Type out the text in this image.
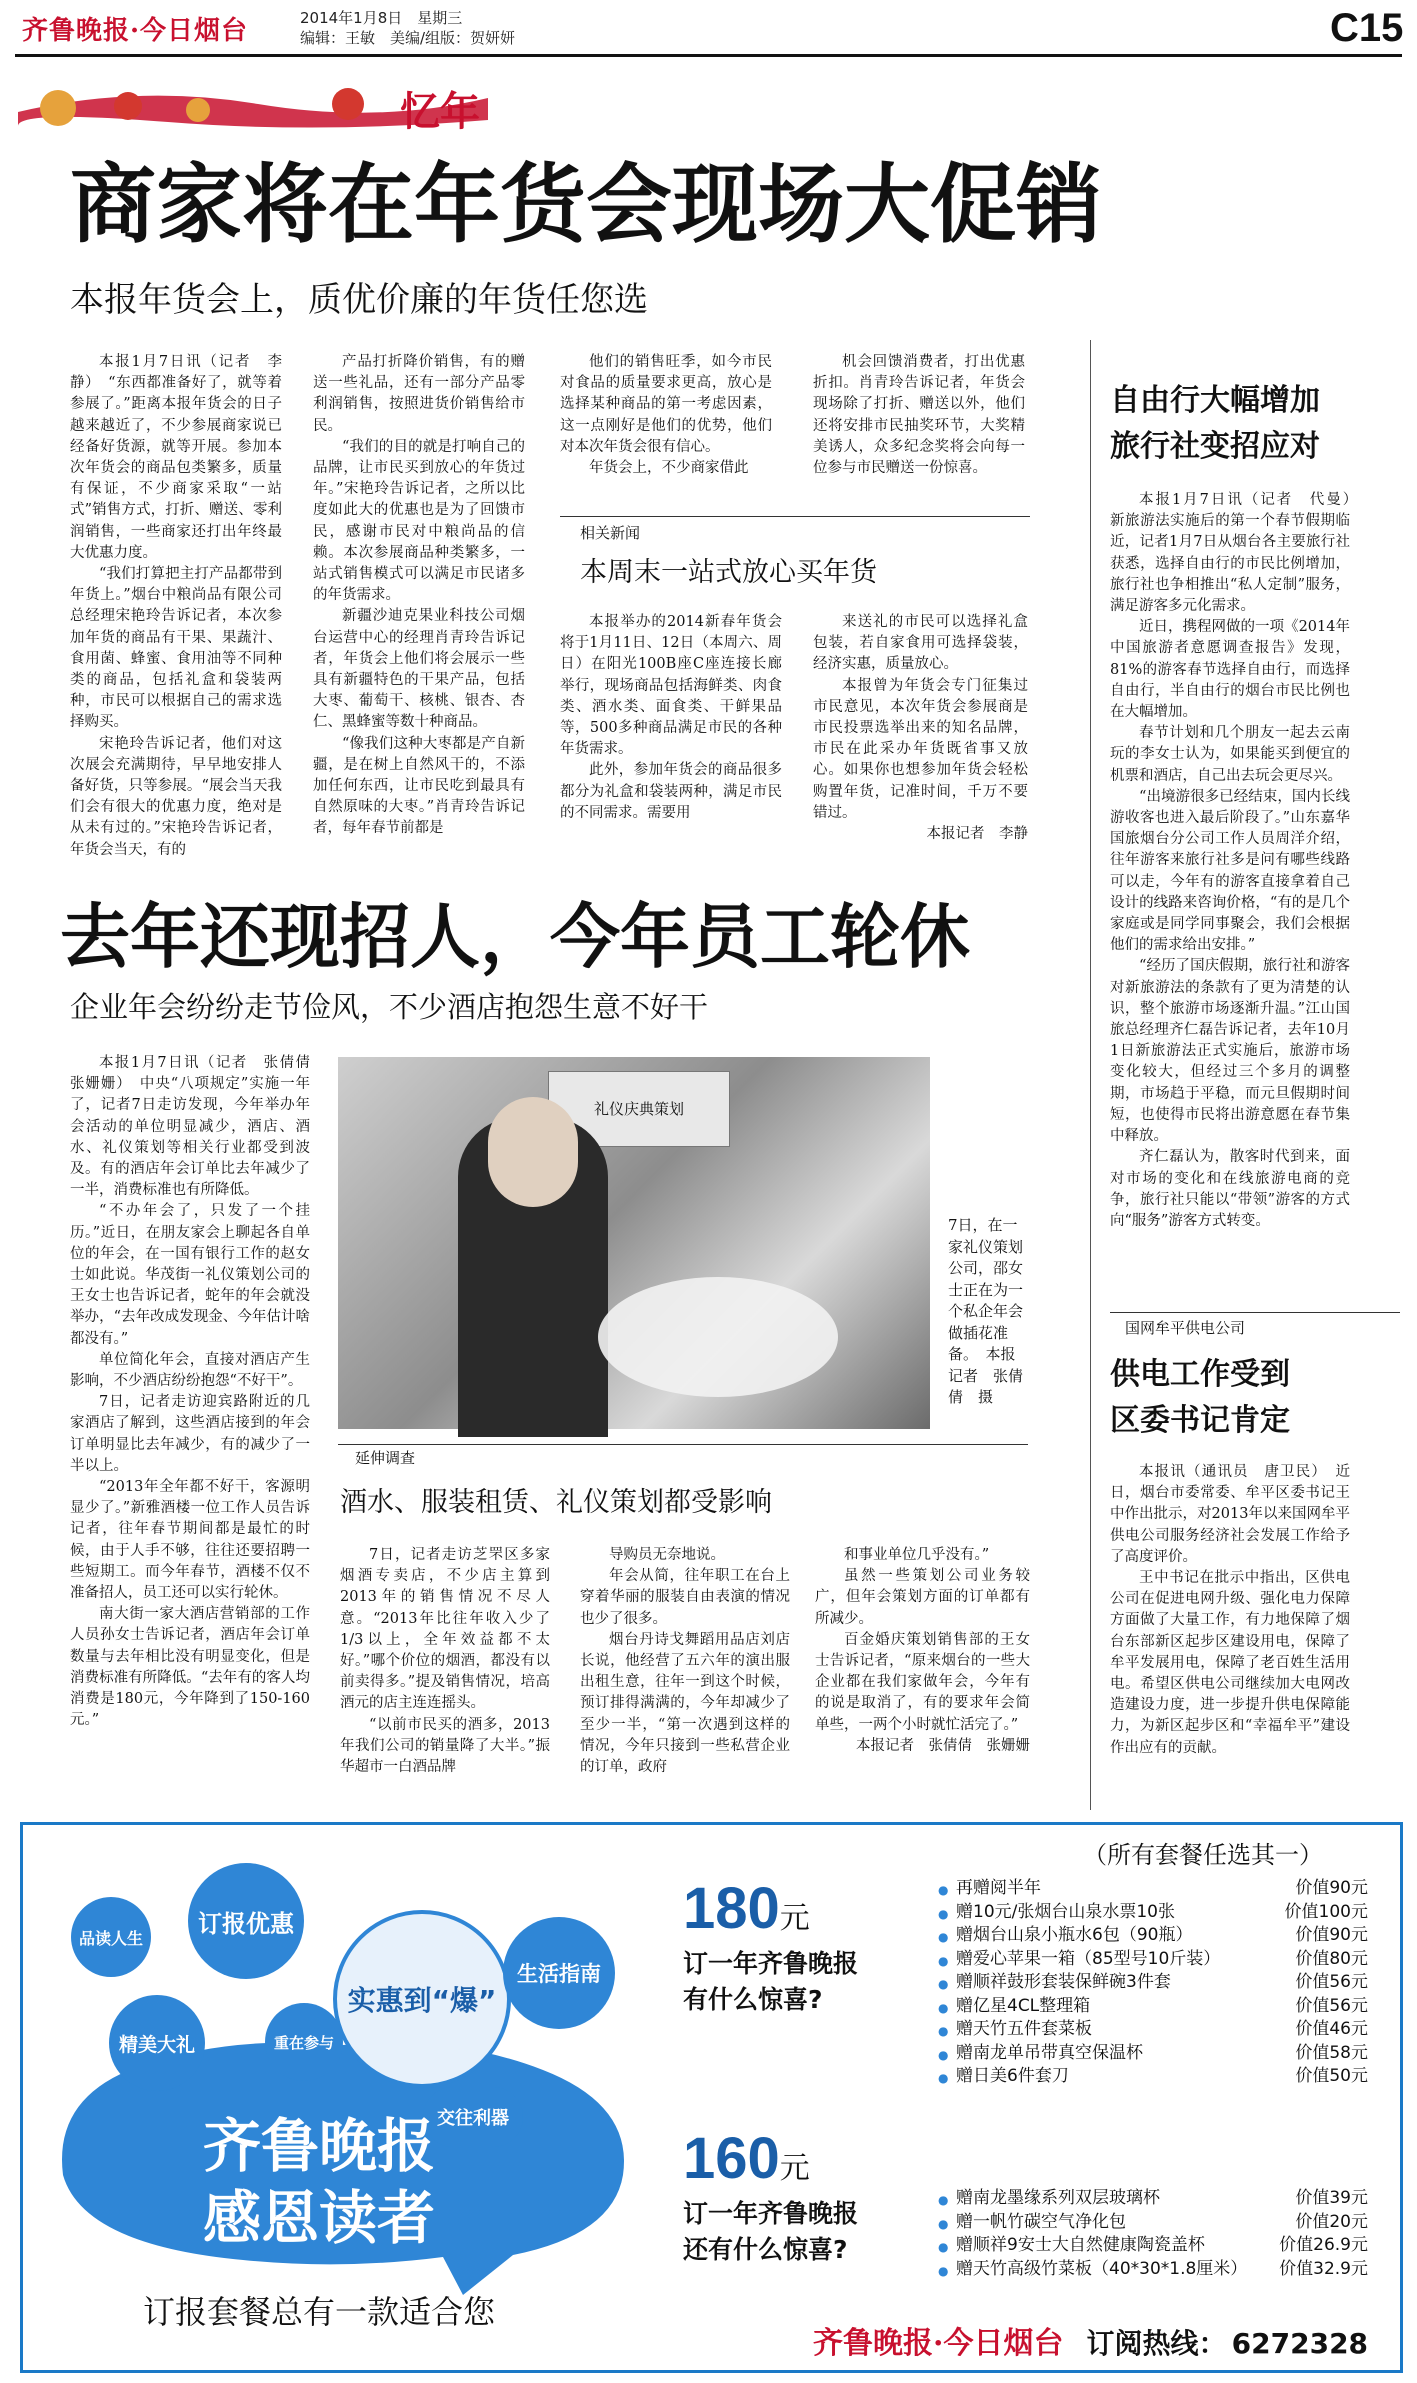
齐鲁晚报·今日烟台	2014年1月8日　星期三
编辑：王敏　美编/组版：贺妍妍	C15
忆年
商家将在年货会现场大促销
本报年货会上，质优价廉的年货任您选

本报1月7日讯（记者　李静）　“东西都准备好了，就等着参展了。”距离本报年货会的日子越来越近了，不少参展商家说已经备好货源，就等开展。参加本次年货会的商品包类繁多，质量有保证，不少商家采取“一站式”销售方式，打折、赠送、零利润销售，一些商家还打出年终最大优惠力度。

“我们打算把主打产品都带到年货上。”烟台中粮尚品有限公司总经理宋艳玲告诉记者，本次参加年货的商品有干果、果蔬汁、食用菌、蜂蜜、食用油等不同种类的商品，包括礼盒和袋装两种，市民可以根据自己的需求选择购买。

宋艳玲告诉记者，他们对这次展会充满期待，早早地安排人备好货，只等参展。“展会当天我们会有很大的优惠力度，绝对是从未有过的。”宋艳玲告诉记者，年货会当天，有的

产品打折降价销售，有的赠送一些礼品，还有一部分产品零利润销售，按照进货价销售给市民。

“我们的目的就是打响自己的品牌，让市民买到放心的年货过年。”宋艳玲告诉记者，之所以比度如此大的优惠也是为了回馈市民，感谢市民对中粮尚品的信赖。本次参展商品种类繁多，一站式销售模式可以满足市民诸多的年货需求。

新疆沙迪克果业科技公司烟台运营中心的经理肖青玲告诉记者，年货会上他们将会展示一些具有新疆特色的干果产品，包括大枣、葡萄干、核桃、银杏、杏仁、黑蜂蜜等数十种商品。

“像我们这种大枣都是产自新疆，是在树上自然风干的，不添加任何东西，让市民吃到最具有自然原味的大枣。”肖青玲告诉记者，每年春节前都是

他们的销售旺季，如今市民对食品的质量要求更高，放心是选择某种商品的第一考虑因素，这一点刚好是他们的优势，他们对本次年货会很有信心。

年货会上，不少商家借此

机会回馈消费者，打出优惠折扣。肖青玲告诉记者，年货会现场除了打折、赠送以外，他们还将安排市民抽奖环节，大奖精美诱人，众多纪念奖将会向每一位参与市民赠送一份惊喜。

相关新闻
本周末一站式放心买年货

本报举办的2014新春年货会将于1月11日、12日（本周六、周日）在阳光100B座C座连接长廊举行，现场商品包括海鲜类、肉食类、酒水类、面食类、干鲜果品等，500多种商品满足市民的各种年货需求。

此外，参加年货会的商品很多都分为礼盒和袋装两种，满足市民的不同需求。需要用

来送礼的市民可以选择礼盒包装，若自家食用可选择袋装，经济实惠，质量放心。

本报曾为年货会专门征集过市民意见，本次年货会参展商是市民投票选举出来的知名品牌，市民在此采办年货既省事又放心。如果你也想参加年货会轻松购置年货，记准时间，千万不要错过。

本报记者　李静
去年还现招人，今年员工轮休
企业年会纷纷走节俭风，不少酒店抱怨生意不好干

本报1月7日讯（记者　张倩倩　张姗姗）　中央“八项规定”实施一年了，记者7日走访发现，今年举办年会活动的单位明显减少，酒店、酒水、礼仪策划等相关行业都受到波及。有的酒店年会订单比去年减少了一半，消费标准也有所降低。

“不办年会了，只发了一个挂历。”近日，在朋友家会上聊起各自单位的年会，在一国有银行工作的赵女士如此说。华茂街一礼仪策划公司的王女士也告诉记者，蛇年的年会就没举办，“去年改成发现金、今年估计啥都没有。”

单位简化年会，直接对酒店产生影响，不少酒店纷纷抱怨“不好干”。

7日，记者走访迎宾路附近的几家酒店了解到，这些酒店接到的年会订单明显比去年减少，有的减少了一半以上。

“2013年全年都不好干，客源明显少了。”新雅酒楼一位工作人员告诉记者，往年春节期间都是最忙的时候，由于人手不够，往往还要招聘一些短期工。而今年春节，酒楼不仅不准备招人，员工还可以实行轮休。

南大街一家大酒店营销部的工作人员孙女士告诉记者，酒店年会订单数量与去年相比没有明显变化，但是消费标准有所降低。“去年有的客人均消费是180元，今年降到了150-160元。”

礼仪庆典策划
7日，在一家礼仪策划公司，邵女士正在为一个私企年会做插花准备。　本报记者　张倩倩　摄
延伸调查
酒水、服装租赁、礼仪策划都受影响

7日，记者走访芝罘区多家烟酒专卖店，不少店主算到2013年的销售情况不尽人意。“2013年比往年收入少了1/3以上，全年效益都不太好。”哪个价位的烟酒，都没有以前卖得多。”提及销售情况，培高酒元的店主连连摇头。

“以前市民买的酒多，2013年我们公司的销量降了大半。”振华超市一白酒品牌

导购员无奈地说。

年会从简，往年职工在台上穿着华丽的服装自由表演的情况也少了很多。

烟台丹诗戈舞蹈用品店刘店长说，他经营了五六年的演出服出租生意，往年一到这个时候，预订排得满满的，今年却减少了至少一半，“第一次遇到这样的情况，今年只接到一些私营企业的订单，政府

和事业单位几乎没有。”

虽然一些策划公司业务较广，但年会策划方面的订单都有所减少。

百金婚庆策划销售部的王女士告诉记者，“原来烟台的一些大企业都在我们家做年会，今年有的说是取消了，有的要求年会简单些，一两个小时就忙活完了。”

本报记者　张倩倩　张姗姗
自由行大幅增加
旅行社变招应对

本报1月7日讯（记者　代曼）　新旅游法实施后的第一个春节假期临近，记者1月7日从烟台各主要旅行社获悉，选择自由行的市民比例增加，旅行社也争相推出“私人定制”服务，满足游客多元化需求。

近日，携程网做的一项《2014年中国旅游者意愿调查报告》发现，81%的游客春节选择自由行，而选择自由行，半自由行的烟台市民比例也在大幅增加。

春节计划和几个朋友一起去云南玩的李女士认为，如果能买到便宜的机票和酒店，自己出去玩会更尽兴。

“出境游很多已经结束，国内长线游收客也进入最后阶段了。”山东嘉华国旅烟台分公司工作人员周洋介绍，往年游客来旅行社多是问有哪些线路可以走，今年有的游客直接拿着自己设计的线路来咨询价格，“有的是几个家庭或是同学同事聚会，我们会根据他们的需求给出安排。”

“经历了国庆假期，旅行社和游客对新旅游法的条款有了更为清楚的认识，整个旅游市场逐渐升温。”江山国旅总经理齐仁磊告诉记者，去年10月1日新旅游法正式实施后，旅游市场变化较大，但经过三个多月的调整期，市场趋于平稳，而元旦假期时间短，也使得市民将出游意愿在春节集中释放。

齐仁磊认为，散客时代到来，面对市场的变化和在线旅游电商的竞争，旅行社只能以“带领”游客的方式向“服务”游客方式转变。

国网牟平供电公司
供电工作受到
区委书记肯定

本报讯（通讯员　唐卫民）　近日，烟台市委常委、牟平区委书记王中作出批示，对2013年以来国网牟平供电公司服务经济社会发展工作给予了高度评价。

王中书记在批示中指出，区供电公司在促进电网升级、强化电力保障方面做了大量工作，有力地保障了烟台东部新区起步区建设用电，保障了牟平发展用电，保障了老百姓生活用电。希望区供电公司继续加大电网改造建设力度，进一步提升供电保障能力，为新区起步区和“幸福牟平”建设作出应有的贡献。

品读人生
订报优惠
实惠到“爆”
生活指南
精美大礼	重在参与
交往利器
齐鲁晚报
感恩读者
订报套餐总有一款适合您
（所有套餐任选其一）
180元
订一年齐鲁晚报
有什么惊喜?
● 再赠阅半年	价值90元
● 赠10元/张烟台山泉水票10张	价值100元
● 赠烟台山泉小瓶水6包（90瓶）	价值90元
● 赠爱心苹果一箱（85型号10斤装）	价值80元
● 赠顺祥鼓形套装保鲜碗3件套	价值56元
● 赠亿星4CL整理箱	价值56元
● 赠天竹五件套菜板	价值46元
● 赠南龙单吊带真空保温杯	价值58元
● 赠日美6件套刀	价值50元
160元
订一年齐鲁晚报
还有什么惊喜?
● 赠南龙墨缘系列双层玻璃杯	价值39元
● 赠一帆竹碳空气净化包	价值20元
● 赠顺祥9安士大自然健康陶瓷盖杯	价值26.9元
● 赠天竹高级竹菜板（40*30*1.8厘米） 价值32.9元
齐鲁晚报·今日烟台 订阅热线： 6272328
